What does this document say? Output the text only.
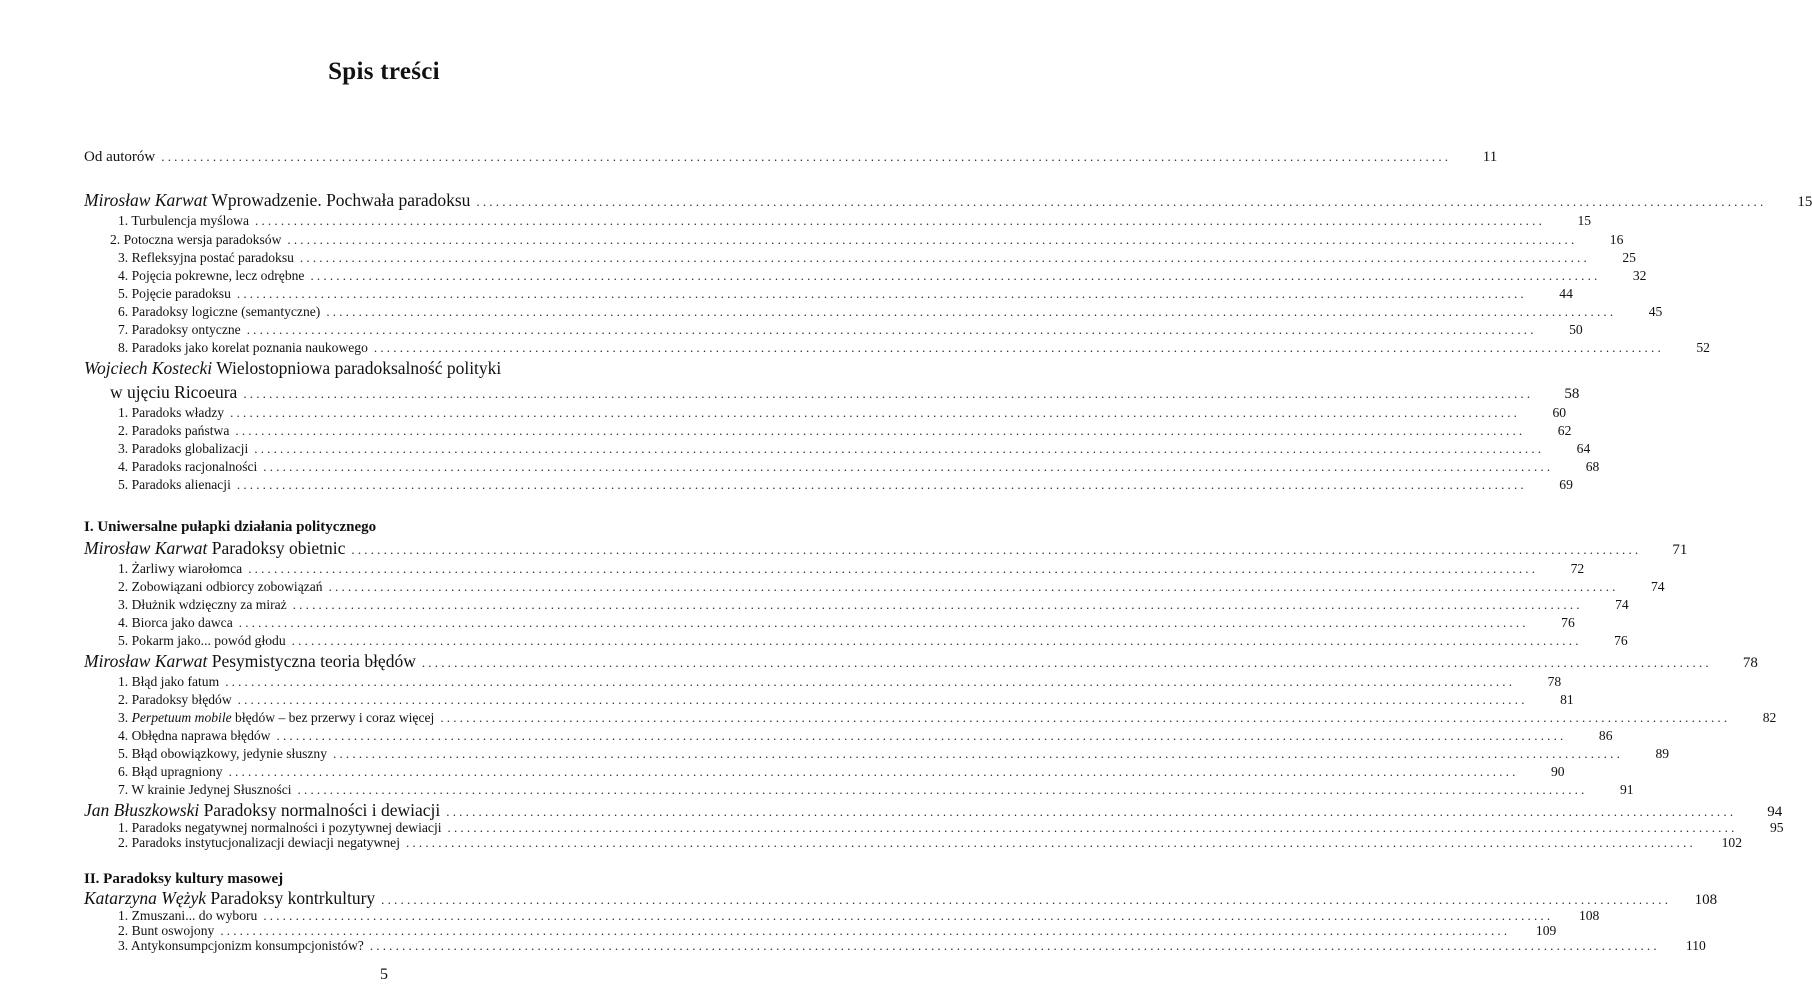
Spis treści
Od autorów ........................................................................................................................................................................................................	11
Mirosław Karwat Wprowadzenie. Pochwała paradoksu ........................................................................................................................................................................................................	15
1. Turbulencja myślowa ........................................................................................................................................................................................................	15
2. Potoczna wersja paradoksów ........................................................................................................................................................................................................	16
3. Refleksyjna postać paradoksu ........................................................................................................................................................................................................	25
4. Pojęcia pokrewne, lecz odrębne ........................................................................................................................................................................................................	32
5. Pojęcie paradoksu ........................................................................................................................................................................................................	44
6. Paradoksy logiczne (semantyczne) ........................................................................................................................................................................................................	45
7. Paradoksy ontyczne ........................................................................................................................................................................................................	50
8. Paradoks jako korelat poznania naukowego ........................................................................................................................................................................................................	52
Wojciech Kostecki Wielostopniowa paradoksalność polityki
w ujęciu Ricoeura ........................................................................................................................................................................................................	58
1. Paradoks władzy ........................................................................................................................................................................................................	60
2. Paradoks państwa ........................................................................................................................................................................................................	62
3. Paradoks globalizacji ........................................................................................................................................................................................................	64
4. Paradoks racjonalności ........................................................................................................................................................................................................	68
5. Paradoks alienacji ........................................................................................................................................................................................................	69
I. Uniwersalne pułapki działania politycznego
Mirosław Karwat Paradoksy obietnic ........................................................................................................................................................................................................	71
1. Żarliwy wiarołomca ........................................................................................................................................................................................................	72
2. Zobowiązani odbiorcy zobowiązań ........................................................................................................................................................................................................	74
3. Dłużnik wdzięczny za miraż ........................................................................................................................................................................................................	74
4. Biorca jako dawca ........................................................................................................................................................................................................	76
5. Pokarm jako... powód głodu ........................................................................................................................................................................................................	76
Mirosław Karwat Pesymistyczna teoria błędów ........................................................................................................................................................................................................	78
1. Błąd jako fatum ........................................................................................................................................................................................................	78
2. Paradoksy błędów ........................................................................................................................................................................................................	81
3. Perpetuum mobile błędów – bez przerwy i coraz więcej ........................................................................................................................................................................................................	82
4. Obłędna naprawa błędów ........................................................................................................................................................................................................	86
5. Błąd obowiązkowy, jedynie słuszny ........................................................................................................................................................................................................	89
6. Błąd upragniony ........................................................................................................................................................................................................	90
7. W krainie Jedynej Słuszności ........................................................................................................................................................................................................	91
Jan Błuszkowski Paradoksy normalności i dewiacji ........................................................................................................................................................................................................	94
1. Paradoks negatywnej normalności i pozytywnej dewiacji ........................................................................................................................................................................................................	95
2. Paradoks instytucjonalizacji dewiacji negatywnej ........................................................................................................................................................................................................	102
II. Paradoksy kultury masowej
Katarzyna Wężyk Paradoksy kontrkultury ........................................................................................................................................................................................................	108
1. Zmuszani... do wyboru ........................................................................................................................................................................................................	108
2. Bunt oswojony ........................................................................................................................................................................................................	109
3. Antykonsumpcjonizm konsumpcjonistów? ........................................................................................................................................................................................................	110
5
